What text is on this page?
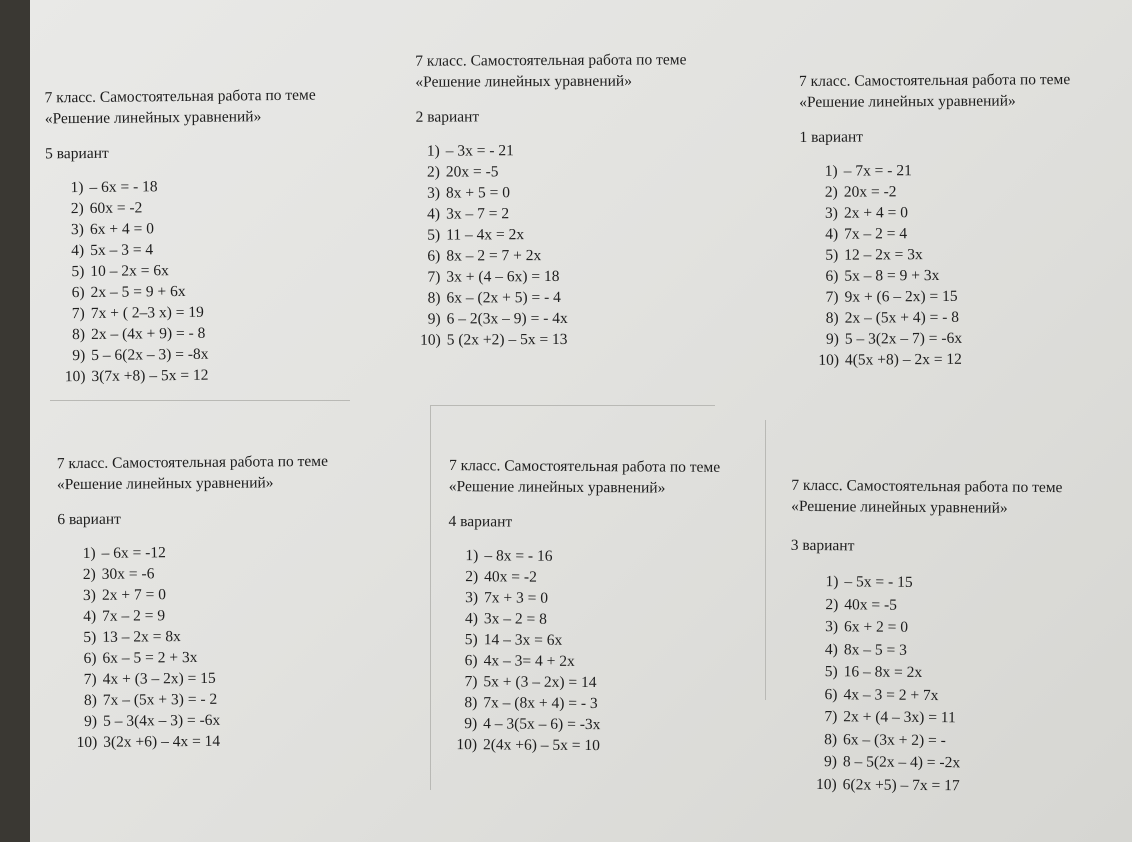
7 класс. Самостоятельная работа по теме

«Решение линейных уравнений»

5 вариант
1) – 6х = - 18
2) 60х = -2
3) 6х + 4 = 0
4) 5х – 3 = 4
5) 10 – 2х = 6х
6) 2х – 5 = 9 + 6х
7) 7х + ( 2–3 х) = 19
8) 2х – (4х + 9) = - 8
9) 5 – 6(2х – 3) = -8х
10) 3(7х +8) – 5х = 12

7 класс. Самостоятельная работа по теме

«Решение линейных уравнений»

2 вариант
1) – 3х = - 21
2) 20х = -5
3) 8х + 5 = 0
4) 3х – 7 = 2
5) 11 – 4х = 2х
6) 8х – 2 = 7 + 2х
7) 3х + (4 – 6х) = 18
8) 6х – (2х + 5) = - 4
9) 6 – 2(3х – 9) = - 4х
10) 5 (2х +2) – 5х = 13

7 класс. Самостоятельная работа по теме

«Решение линейных уравнений»

1 вариант
1) – 7х = - 21
2) 20х = -2
3) 2х + 4 = 0
4) 7х – 2 = 4
5) 12 – 2х = 3х
6) 5х – 8 = 9 + 3х
7) 9х + (6 – 2х) = 15
8) 2х – (5х + 4) = - 8
9) 5 – 3(2х – 7) = -6х
10) 4(5х +8) – 2х = 12

7 класс. Самостоятельная работа по теме

«Решение линейных уравнений»

6 вариант
1) – 6х = -12
2) 30х = -6
3) 2х + 7 = 0
4) 7х – 2 = 9
5) 13 – 2х = 8х
6) 6х – 5 = 2 + 3х
7) 4х + (3 – 2х) = 15
8) 7х – (5х + 3) = - 2
9) 5 – 3(4х – 3) = -6х
10) 3(2х +6) – 4х = 14

7 класс. Самостоятельная работа по теме

«Решение линейных уравнений»

4 вариант
1) – 8х = - 16
2) 40х = -2
3) 7х + 3 = 0
4) 3х – 2 = 8
5) 14 – 3х = 6х
6) 4х – 3= 4 + 2х
7) 5х + (3 – 2х) = 14
8) 7х – (8х + 4) = - 3
9) 4 – 3(5х – 6) = -3х
10) 2(4х +6) – 5х = 10

7 класс. Самостоятельная работа по теме

«Решение линейных уравнений»

3 вариант
1) – 5х = - 15
2) 40х = -5
3) 6х + 2 = 0
4) 8х – 5 = 3
5) 16 – 8х = 2х
6) 4х – 3 = 2 + 7х
7) 2х + (4 – 3х) = 11
8) 6х – (3х + 2) = -
9) 8 – 5(2х – 4) = -2х
10) 6(2х +5) – 7х = 17
